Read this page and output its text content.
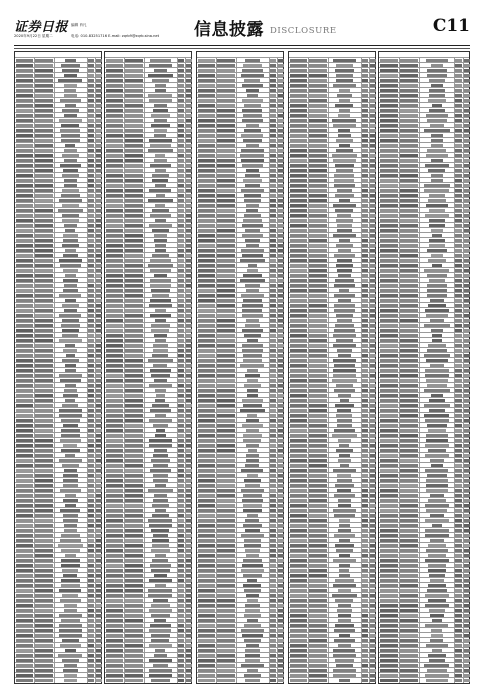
证券日报 编辑 肖凡
2020年9月22日 星期二	电话: 010-83251716 E-mail: zqrb9@zqrb.sina.net 信息披露 DISCLOSURE	C11
